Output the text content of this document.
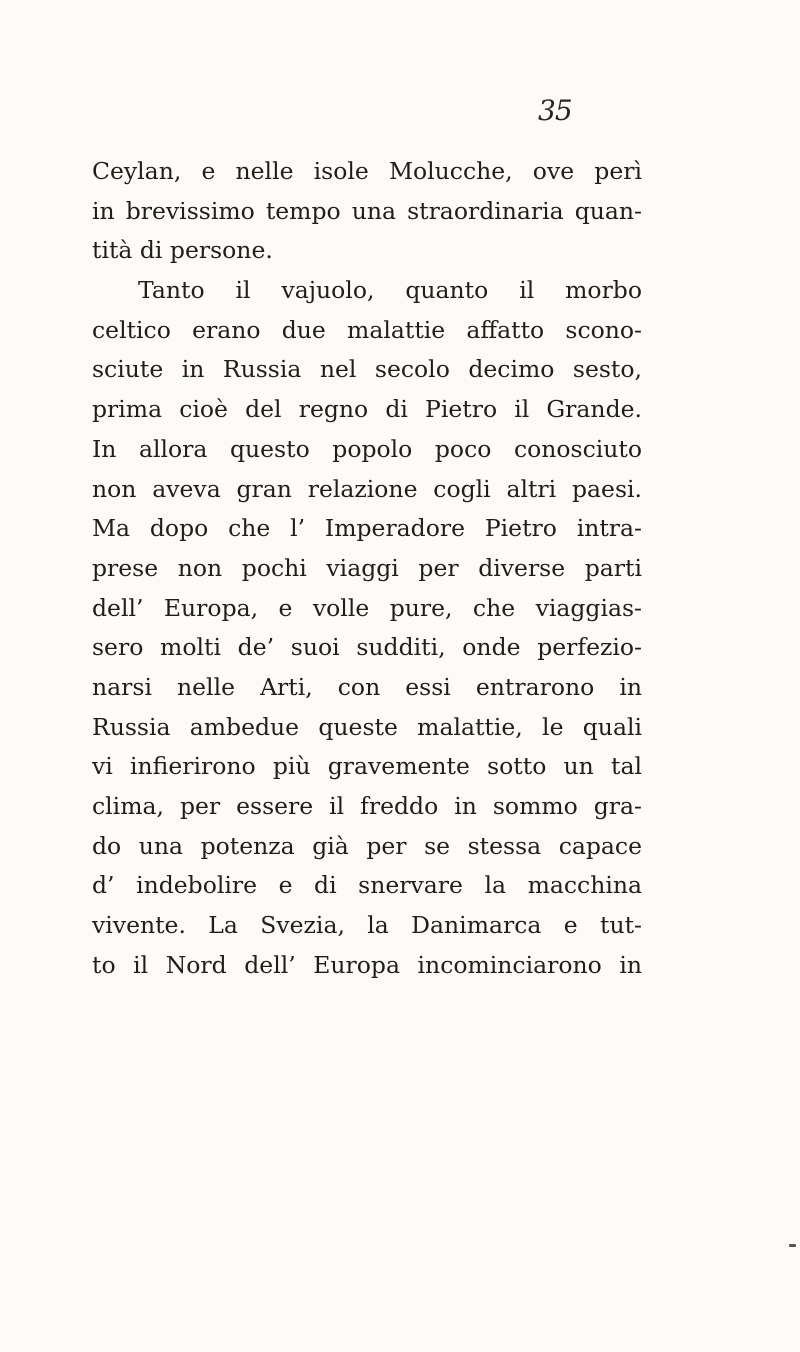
35
Ceylan, e nelle isole Molucche, ove perì
in brevissimo tempo una straordinaria quan-
tità di persone.
Tanto il vajuolo, quanto il morbo
celtico erano due malattie affatto scono-
sciute in Russia nel secolo decimo sesto,
prima cioè del regno di Pietro il Grande.
In allora questo popolo poco conosciuto
non aveva gran relazione cogli altri paesi.
Ma dopo che l’ Imperadore Pietro intra-
prese non pochi viaggi per diverse parti
dell’ Europa, e volle pure, che viaggias-
sero molti de’ suoi sudditi, onde perfezio-
narsi nelle Arti, con essi entrarono in
Russia ambedue queste malattie, le quali
vi infierirono più gravemente sotto un tal
clima, per essere il freddo in sommo gra-
do una potenza già per se stessa capace
d’ indebolire e di snervare la macchina
vivente. La Svezia, la Danimarca e tut-
to il Nord dell’ Europa incominciarono in
